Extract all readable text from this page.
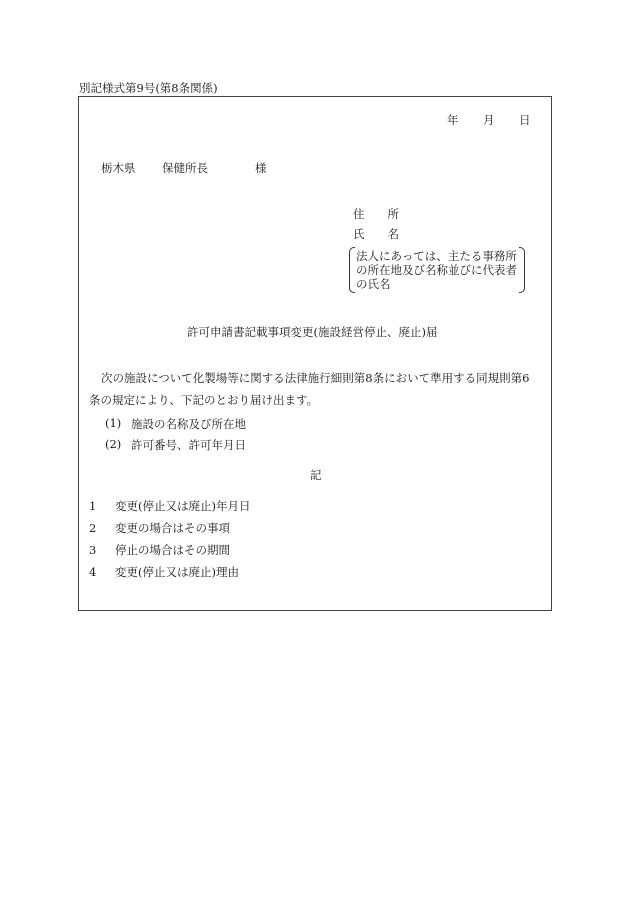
別記様式第9号(第8条関係)
年 月 日
栃木県 保健所長	様
住　　所
氏　　名
法人にあっては、主たる事務所
の所在地及び名称並びに代表者
の氏名
許可申請書記載事項変更(施設経営停止、廃止)届
次の施設について化製場等に関する法律施行細則第8条において準用する同規則第6
条の規定により、下記のとおり届け出ます。
(1) 施設の名称及び所在地
(2) 許可番号、許可年月日
記
1 変更(停止又は廃止)年月日
2 変更の場合はその事項
3 停止の場合はその期間
4 変更(停止又は廃止)理由
